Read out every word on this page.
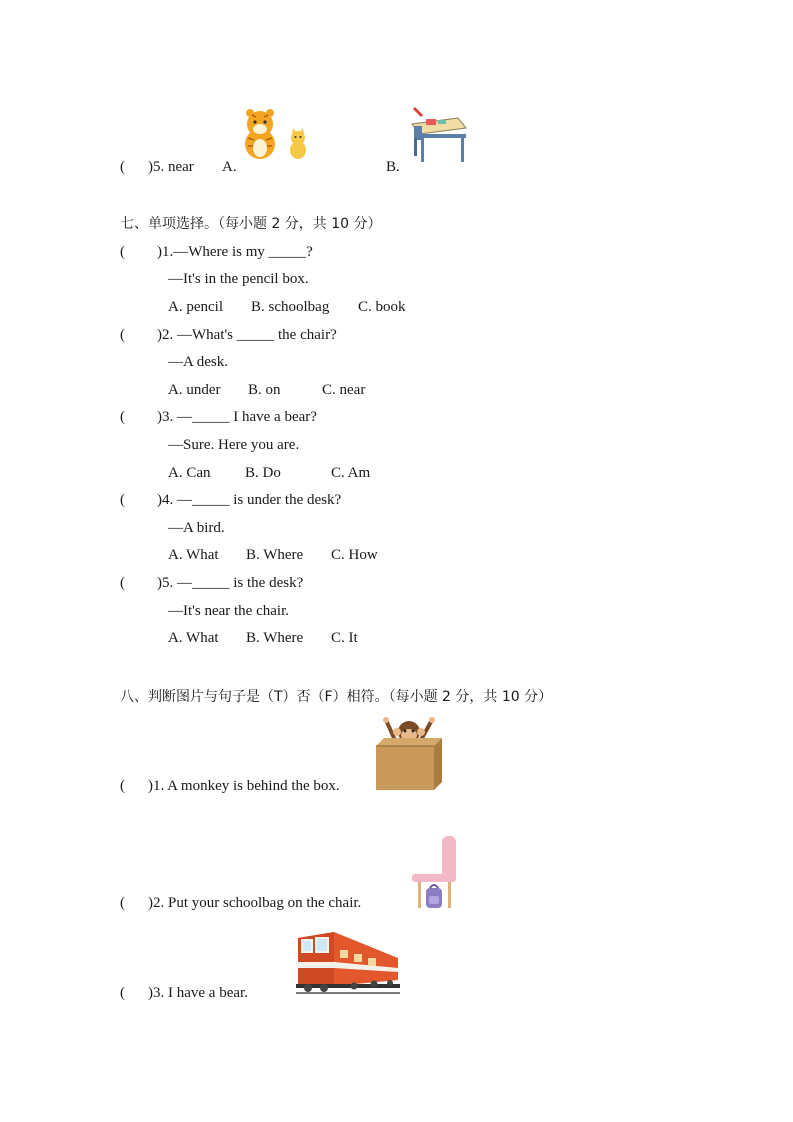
( )5. near A.	B.
七、单项选择。（每小题 2 分，共 10 分）
( )1.—Where is my _____?
—It's in the pencil box.
A. pencil B. schoolbag C. book
( )2. —What's _____ the chair?
—A desk.
A. under B. on	C. near
( )3. —_____ I have a bear?
—Sure. Here you are.
A. Can B. Do	C. Am
( )4. —_____ is under the desk?
—A bird.
A. What B. Where C. How
( )5. —_____ is the desk?
—It's near the chair.
A. What B. Where C. It
八、判断图片与句子是（T）否（F）相符。（每小题 2 分，共 10 分）
( )1. A monkey is behind the box.
( )2. Put your schoolbag on the chair.
( )3. I have a bear.
